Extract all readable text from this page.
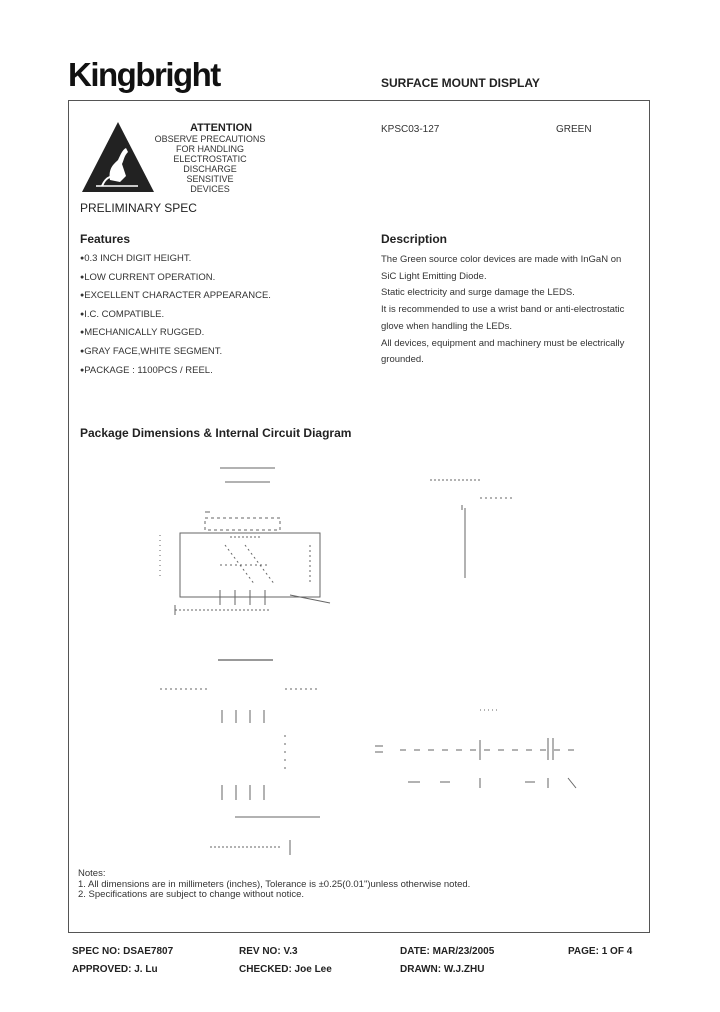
Kingbright	SURFACE MOUNT DISPLAY
ATTENTION
OBSERVE PRECAUTIONS
FOR HANDLING
ELECTROSTATIC
DISCHARGE
SENSITIVE
DEVICES
KPSC03-127	GREEN
PRELIMINARY SPEC
Features
●0.3 INCH DIGIT HEIGHT.
●LOW CURRENT OPERATION.
●EXCELLENT CHARACTER APPEARANCE.
●I.C. COMPATIBLE.
●MECHANICALLY RUGGED.
●GRAY FACE,WHITE SEGMENT.
●PACKAGE : 1100PCS / REEL.
Description
The Green source color devices are made with InGaN on
SiC Light Emitting Diode.
Static electricity and surge damage the LEDS.
It is recommended to use a wrist band or anti-electrostatic
glove when handling the LEDs.
All devices, equipment and machinery must be electrically
grounded.
Package Dimensions & Internal Circuit Diagram
Notes:
1. All dimensions are in millimeters (inches), Tolerance is ±0.25(0.01")unless otherwise noted.
2. Specifications are subject to change without notice.
SPEC NO: DSAE7807	REV NO: V.3	DATE: MAR/23/2005	PAGE: 1 OF 4
APPROVED: J. Lu	CHECKED: Joe Lee	DRAWN: W.J.ZHU
